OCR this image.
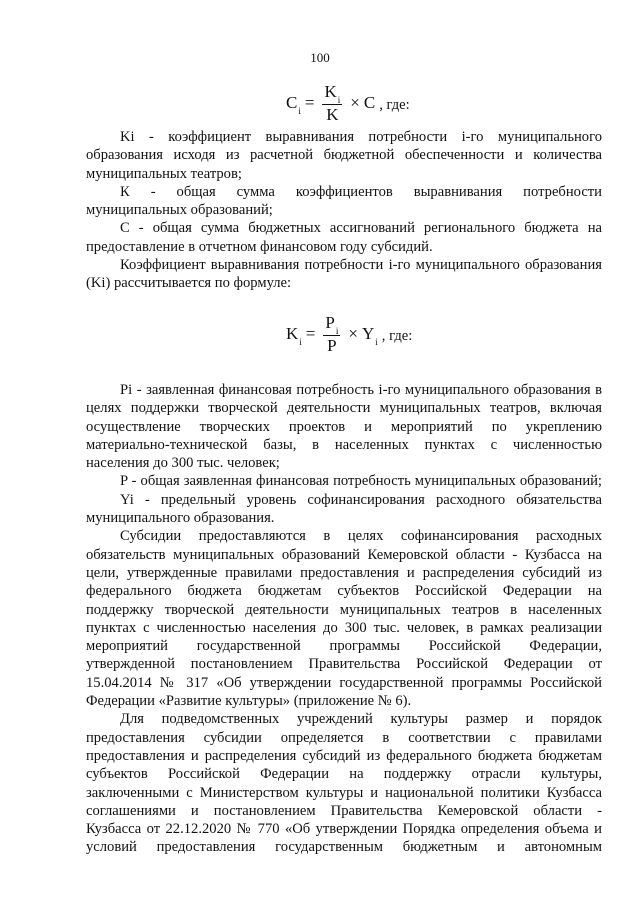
100
$C_i = \frac{K_i}{K} \times C$ , где:

Ki - коэффициент выравнивания потребности i-го муниципального

образования исходя из расчетной бюджетной обеспеченности и количества

муниципальных театров;

К - общая сумма коэффициентов выравнивания потребности

муниципальных образований;

С - общая сумма бюджетных ассигнований регионального бюджета на

предоставление в отчетном финансовом году субсидий.

Коэффициент выравнивания потребности i-го муниципального образования

(Ki) рассчитывается по формуле:

$K_i = \frac{P_i}{P} \times Y_i$ , где:

Pi - заявленная финансовая потребность i-го муниципального образования в

целях поддержки творческой деятельности муниципальных театров, включая

осуществление творческих проектов и мероприятий по укреплению

материально-технической базы, в населенных пунктах с численностью

населения до 300 тыс. человек;

P - общая заявленная финансовая потребность муниципальных образований;

Yi - предельный уровень софинансирования расходного обязательства

муниципального образования.

Субсидии предоставляются в целях софинансирования расходных

обязательств муниципальных образований Кемеровской области - Кузбасса на

цели, утвержденные правилами предоставления и распределения субсидий из

федерального бюджета бюджетам субъектов Российской Федерации на

поддержку творческой деятельности муниципальных театров в населенных

пунктах с численностью населения до 300 тыс. человек, в рамках реализации

мероприятий государственной программы Российской Федерации,

утвержденной постановлением Правительства Российской Федерации от

15.04.2014 № 317 «Об утверждении государственной программы Российской

Федерации «Развитие культуры» (приложение № 6).

Для подведомственных учреждений культуры размер и порядок

предоставления субсидии определяется в соответствии с правилами

предоставления и распределения субсидий из федерального бюджета бюджетам

субъектов Российской Федерации на поддержку отрасли культуры,

заключенными с Министерством культуры и национальной политики Кузбасса

соглашениями и постановлением Правительства Кемеровской области -

Кузбасса от 22.12.2020 № 770 «Об утверждении Порядка определения объема и

условий предоставления государственным бюджетным и автономным
